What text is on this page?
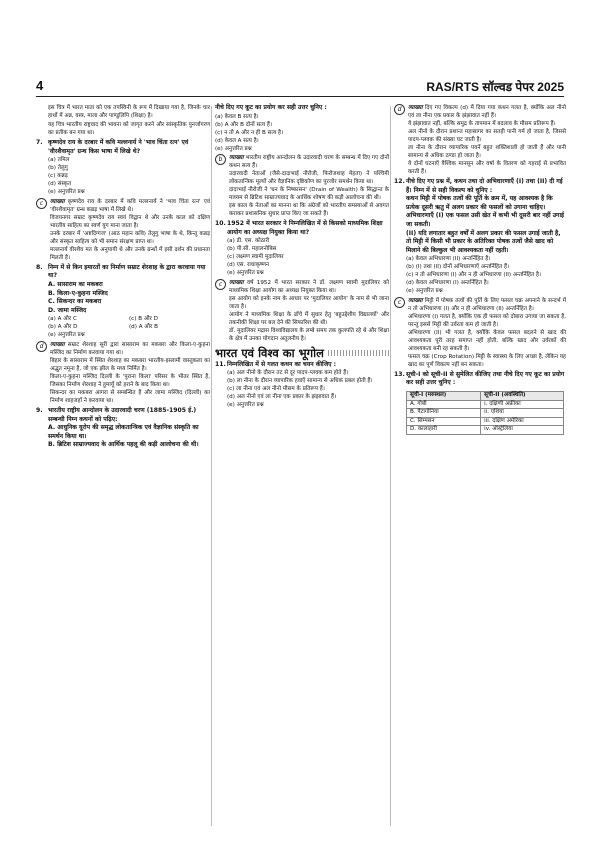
4	RAS/RTS सॉल्वड पेपर 2025

इस चित्र में भारत माता को एक तपस्विनी के रूप में दिखाया गया है, जिनके चार हाथों में अन्न, वस्त्र, माला और पाण्डुलिपि (शिक्षा) है।

यह चित्र भारतीय राष्ट्रवाद की भावना को जागृत करने और सांस्कृतिक पुनर्जागरण का प्रतीक बन गया था।

7. कृष्णदेव राय के दरबार में कवि मल्लनार्य ने 'भाव चिंता रत्न' एवं 'वीरशैवामृत' ग्रन्थ किस भाषा में लिखे थे?
(a) तमिल
(b) तेलुगु
(c) कन्नड़
(d) संस्कृत
(e) अनुत्तरित प्रश्न
c	व्याख्या कृष्णदेव राय के दरबार में कवि मल्लनार्य ने 'भाव चिंता रत्न' एवं 'वीरशैवामृत' ग्रन्थ कन्नड़ भाषा में लिखे थे।

विजयनगर सम्राट कृष्णदेव राय स्वयं विद्वान थे और उनके काल को दक्षिण भारतीय साहित्य का स्वर्ण युग माना जाता है।

उनके दरबार में 'अष्टदिग्गज' (आठ महान कवि) तेलुगु भाषा के थे, किन्तु कन्नड़ और संस्कृत साहित्य को भी समान संरक्षण प्राप्त था।

मल्लनार्य वीरशैव मत के अनुयायी थे और उनके ग्रन्थों में इसी दर्शन की प्रधानता मिलती है।

8. निम्न में से किन इमारतों का निर्माण सम्राट शेरशाह के द्वारा करवाया गया था?
A. सासाराम का मकबरा
B. किला-ए-कुहना मस्जिद
C. सिकन्दर का मकबरा
D. जामा मस्जिद
(a) A और C	(c) B और D
(b) A और D	(d) A और B
(e) अनुत्तरित प्रश्न
d	व्याख्या सम्राट शेरशाह सूरी द्वारा सासाराम का मकबरा और किला-ए-कुहना मस्जिद का निर्माण करवाया गया था।

बिहार के सासाराम में स्थित शेरशाह का मकबरा भारतीय-इस्लामी वास्तुकला का अद्भुत नमूना है, जो एक झील के मध्य निर्मित है।

किला-ए-कुहना मस्जिद दिल्ली के 'पुराना किला' परिसर के भीतर स्थित है, जिसका निर्माण शेरशाह ने हुमायूँ को हराने के बाद किया था।

सिकन्दर का मकबरा आगरा से सम्बन्धित है और जामा मस्जिद (दिल्ली) का निर्माण शाहजहाँ ने करवाया था।

9. भारतीय राष्ट्रीय आन्दोलन के उदारवादी चरण (1885-1905 ई.) सम्बन्धी निम्न कथनों को पढ़िए:
A. आधुनिक यूरोप की समृद्ध लोकतान्त्रिक एवं वैज्ञानिक संस्कृति का समर्थन किया था।
B. ब्रिटिश साम्राज्यवाद के आर्थिक पहलू की कड़ी आलोचना की थी।
नीचे दिए गए कूट का प्रयोग कर सही उत्तर चुनिए :
(a) केवल B सत्य है।
(b) A और B दोनों सत्य हैं।
(c) न तो A और न ही B सत्य है।
(d) केवल A सत्य है।
(e) अनुत्तरित प्रश्न
b	व्याख्या भारतीय राष्ट्रीय आन्दोलन के उदारवादी चरण के सम्बन्ध में दिए गए दोनों कथन सत्य हैं।

उदारवादी नेताओं (जैसे-दादाभाई नौरोजी, फिरोजशाह मेहता) ने पश्चिमी लोकतान्त्रिक मूल्यों और वैज्ञानिक दृष्टिकोण का पुरजोर समर्थन किया था।

दादाभाई नौरोजी ने 'धन के निष्कासन' (Drain of Wealth) के सिद्धान्त के माध्यम से ब्रिटिश साम्राज्यवाद के आर्थिक शोषण की कड़ी आलोचना की थी।

इस काल के नेताओं का मानना था कि अंग्रेजों को भारतीय समस्याओं से अवगत कराकर प्रशासनिक सुधार प्राप्त किए जा सकते हैं।

10. 1952 में भारत सरकार ने निम्नलिखित में से किसको माध्यमिक शिक्षा आयोग का अध्यक्ष नियुक्त किया था?
(a) डी. एस. कोठारी
(b) पी.सी. महालनोबिस
(c) लक्ष्मण स्वामी मुदालियर
(d) एस. राधाकृष्णन
(e) अनुत्तरित प्रश्न
c	व्याख्या वर्ष 1952 में भारत सरकार ने डॉ. लक्ष्मण स्वामी मुदालियर को माध्यमिक शिक्षा आयोग का अध्यक्ष नियुक्त किया था।

इस आयोग को इनके नाम के आधार पर 'मुदालियर आयोग' के नाम से भी जाना जाता है।

आयोग ने माध्यमिक शिक्षा के ढाँचे में सुधार हेतु 'बहुउद्देशीय विद्यालयों' और तकनीकी शिक्षा पर बल देने की सिफारिश की थी।

डॉ. मुदालियर मद्रास विश्वविद्यालय के लम्बे समय तक कुलपति रहे थे और शिक्षा के क्षेत्र में उनका योगदान अतुलनीय है।

भारत एवं विश्व का भूगोल
11. निम्नलिखित में से गलत कथन का चयन कीजिए :
(a) अल नीनो के दौरान तट से दूर पादप-प्लवक कम होते हैं।
(b) ला नीना के दौरान व्यापारिक हवाएँ सामान्य से अधिक प्रबल होती हैं।
(c) ला नीना एवं अल नीनो मौसम के प्रतिरूप हैं।
(d) अल नीनो एवं ला नीना एक प्रकार के झंझावात हैं।
(e) अनुत्तरित प्रश्न
d	व्याख्या दिए गए विकल्प (d) में दिया गया कथन गलत है, क्योंकि अल नीनो एवं ला नीना एक प्रकार के झंझावात नहीं हैं।

ये झंझावात नहीं, बल्कि समुद्र के तापमान में बदलाव के मौसम प्रतिरूप हैं।

अल नीनो के दौरान प्रशान्त महासागर का सतही पानी गर्म हो जाता है, जिससे पादप-प्लवक की संख्या घट जाती है।

ला नीना के दौरान व्यापारिक पवनें बहुत शक्तिशाली हो जाती हैं और पानी सामान्य से अधिक ठण्डा हो जाता है।

ये दोनों घटनाएँ वैश्विक मानसून और वर्षा के वितरण को गहराई से प्रभावित करती हैं।

12. नीचे दिए गए प्रश्न में, कथन तथा दो अभिधारणाएँ (I) तथा (II) दी गई हैं। निम्न में से सही विकल्प को चुनिए :
कथन मिट्टी में पोषक तत्वों की पूर्ति के क्रम में, यह आवश्यक है कि प्रत्येक दूसरी ऋतु में अलग प्रकार की फसलों को उगाना चाहिए।
अभिधारणाएँ (I) एक फसल उसी खेत में कभी भी दूसरी बार नहीं उगाई जा सकती।
(II) यदि लगातार बहुत वर्षों में अलग प्रकार की फसल उगाई जाती है, तो मिट्टी में किसी भी प्रकार के अतिरिक्त पोषक तत्वों जैसे खाद को मिलाने की बिल्कुल भी आवश्यकता नहीं रहती।
(a) केवल अभिधारणा (II) अन्तर्निहित है।
(b) (I) तथा (II) दोनों अभिधारणाएँ अन्तर्निहित हैं।
(c) न तो अभिधारणा (I) और न ही अभिधारणा (II) अन्तर्निहित है।
(d) केवल अभिधारणा (I) अन्तर्निहित है।
(e) अनुत्तरित प्रश्न
c	व्याख्या मिट्टी में पोषक तत्वों की पूर्ति के लिए फसल चक्र अपनाने के सन्दर्भ में न तो अभिधारणा (I) और न ही अभिधारणा (II) अन्तर्निहित है।

अभिधारणा (I) गलत है, क्योंकि एक ही फसल को दोबारा उगाया जा सकता है, परन्तु इससे मिट्टी की उर्वरता कम हो जाती है।

अभिधारणा (II) भी गलत है, क्योंकि केवल फसल बदलने से खाद की आवश्यकता पूरी तरह समाप्त नहीं होती, बल्कि खाद और उर्वरकों की आवश्यकता बनी रह सकती है।

फसल चक्र (Crop Rotation) मिट्टी के स्वास्थ्य के लिए अच्छा है, लेकिन यह खाद का पूर्ण विकल्प नहीं बन सकता।

13. सूची-I को सूची-II से सुमेलित कीजिए तथा नीचे दिए गए कूट का प्रयोग कर सही उत्तर चुनिए :
सूची-I (मरुस्थल)	सूची-II (अवस्थिति)
A. गोबी	i. दक्षिणी अफ्रीका
B. पैटागोनिया	ii. एशिया
C. सिम्पसन	iii. दक्षिण अमेरिका
D. कालाहारी	iv. ऑस्ट्रेलिया
